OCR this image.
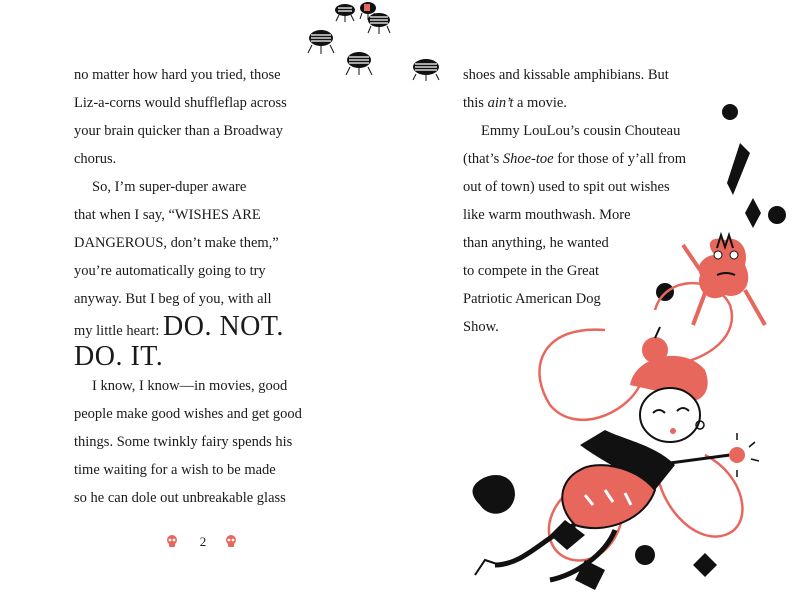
no matter how hard you tried, those
Liz-a-corns would shuffleflap across
your brain quicker than a Broadway
chorus.
So, I’m super-duper aware
that when I say, “WISHES ARE
DANGEROUS, don’t make them,”
you’re automatically going to try
anyway. But I beg of you, with all
my little heart: DO. NOT.
DO. IT.
I know, I know—in movies, good
people make good wishes and get good
things. Some twinkly fairy spends his
time waiting for a wish to be made
so he can dole out unbreakable glass
2
shoes and kissable amphibians. But
this ain’t a movie.
Emmy LouLou’s cousin Chouteau
(that’s Shoe-toe for those of y’all from
out of town) used to spit out wishes
like warm mouthwash. More
than anything, he wanted
to compete in the Great
Patriotic American Dog
Show.
